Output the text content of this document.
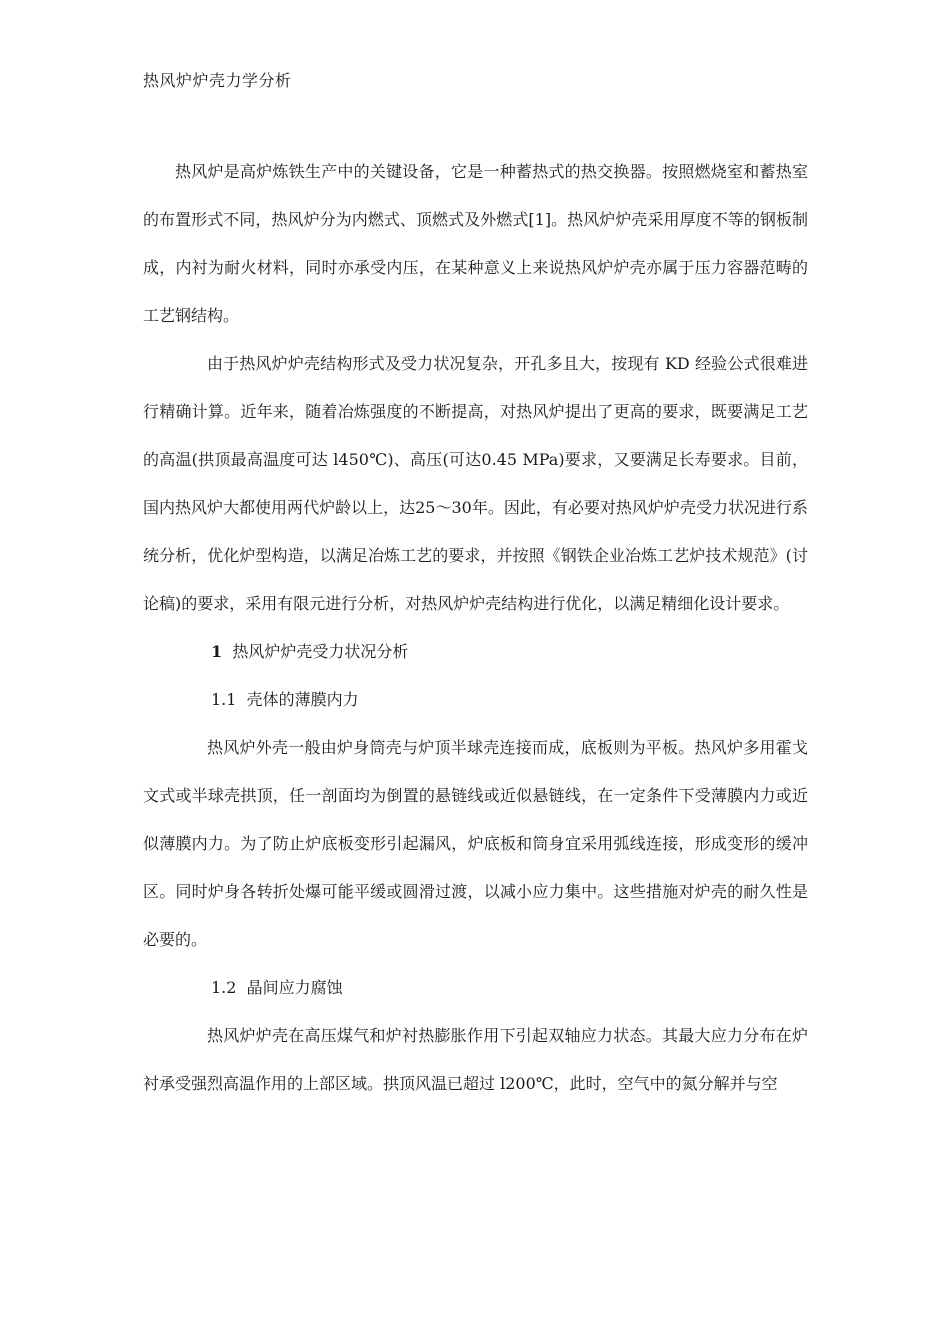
热风炉炉壳力学分析

热风炉是高炉炼铁生产中的关键设备，它是一种蓄热式的热交换器。按照燃烧室和蓄热室的布置形式不同，热风炉分为内燃式、顶燃式及外燃式[1]。热风炉炉壳采用厚度不等的钢板制成，内衬为耐火材料，同时亦承受内压，在某种意义上来说热风炉炉壳亦属于压力容器范畴的工艺钢结构。

由于热风炉炉壳结构形式及受力状况复杂，开孔多且大，按现有 KD 经验公式很难进行精确计算。近年来，随着冶炼强度的不断提高，对热风炉提出了更高的要求，既要满足工艺的高温(拱顶最高温度可达 l450℃)、高压(可达0.45 MPa)要求，又要满足长寿要求。目前，国内热风炉大都使用两代炉龄以上，达25～30年。因此，有必要对热风炉炉壳受力状况进行系统分析，优化炉型构造，以满足冶炼工艺的要求，并按照《钢铁企业冶炼工艺炉技术规范》(讨论稿)的要求，采用有限元进行分析，对热风炉炉壳结构进行优化，以满足精细化设计要求。

1 热风炉炉壳受力状况分析

1.1 壳体的薄膜内力

热风炉外壳一般由炉身筒壳与炉顶半球壳连接而成，底板则为平板。热风炉多用霍戈文式或半球壳拱顶，任一剖面均为倒置的悬链线或近似悬链线，在一定条件下受薄膜内力或近似薄膜内力。为了防止炉底板变形引起漏风，炉底板和筒身宜采用弧线连接，形成变形的缓冲区。同时炉身各转折处爆可能平缓或圆滑过渡，以减小应力集中。这些措施对炉壳的耐久性是必要的。

1.2 晶间应力腐蚀

热风炉炉壳在高压煤气和炉衬热膨胀作用下引起双轴应力状态。其最大应力分布在炉衬承受强烈高温作用的上部区域。拱顶风温已超过 l200℃，此时，空气中的氮分解并与空
